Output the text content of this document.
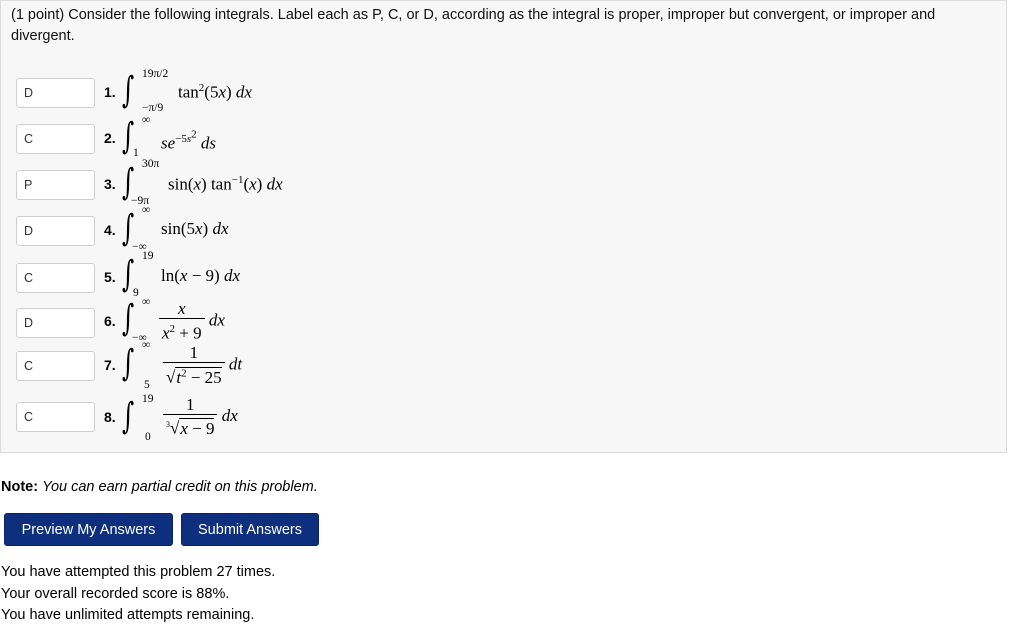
(1 point) Consider the following integrals. Label each as P, C, or D, according as the integral is proper, improper but convergent, or improper and divergent.
D
1. ∫ 19π/2
−π/9
$\tan^2(5x)$ dx
C
2. ∫ ∞
1
$se^{-5s^2}$ ds
P
3. ∫ 30π
−9π
sin(x) $\tan^{-1}(x)$ dx
D
4. ∫ ∞
−∞
sin(5x) dx
C
5. ∫ 19
9
ln(x − 9) dx
D
6. ∫ ∞
−∞ $\frac{x}{x^2 + 9}$ dx
C
7. ∫ ∞
$5 \frac{1}{√t^2 - 25}$ dt
C
8. ∫ 19
$0 \frac{1}{^3√x - 9}$ dx
Note: You can earn partial credit on this problem.
Preview My Answers	Submit Answers
You have attempted this problem 27 times.
Your overall recorded score is 88%.
You have unlimited attempts remaining.
